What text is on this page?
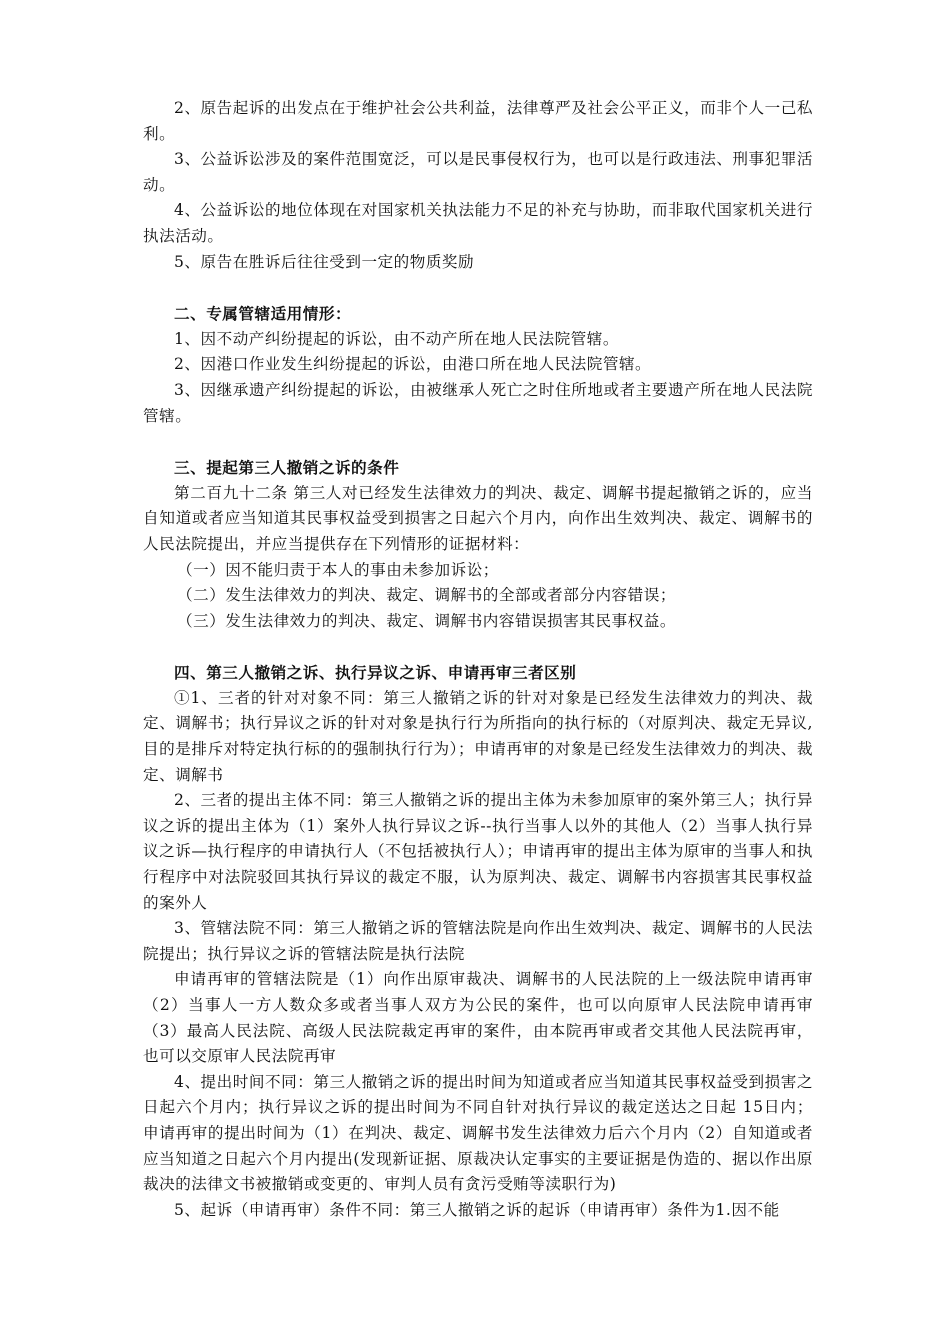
2、原告起诉的出发点在于维护社会公共利益，法律尊严及社会公平正义，而非个人一己私利。

3、公益诉讼涉及的案件范围宽泛，可以是民事侵权行为，也可以是行政违法、刑事犯罪活动。

4、公益诉讼的地位体现在对国家机关执法能力不足的补充与协助，而非取代国家机关进行执法活动。

5、原告在胜诉后往往受到一定的物质奖励

二、专属管辖适用情形：

1、因不动产纠纷提起的诉讼，由不动产所在地人民法院管辖。

2、因港口作业发生纠纷提起的诉讼，由港口所在地人民法院管辖。

3、因继承遗产纠纷提起的诉讼，由被继承人死亡之时住所地或者主要遗产所在地人民法院管辖。

三、提起第三人撤销之诉的条件

第二百九十二条 第三人对已经发生法律效力的判决、裁定、调解书提起撤销之诉的，应当自知道或者应当知道其民事权益受到损害之日起六个月内，向作出生效判决、裁定、调解书的人民法院提出，并应当提供存在下列情形的证据材料：

（一）因不能归责于本人的事由未参加诉讼；

（二）发生法律效力的判决、裁定、调解书的全部或者部分内容错误；

（三）发生法律效力的判决、裁定、调解书内容错误损害其民事权益。

四、第三人撤销之诉、执行异议之诉、申请再审三者区别

①1、三者的针对对象不同：第三人撤销之诉的针对对象是已经发生法律效力的判决、裁定、调解书；执行异议之诉的针对对象是执行行为所指向的执行标的（对原判决、裁定无异议,目的是排斥对特定执行标的的强制执行行为）；申请再审的对象是已经发生法律效力的判决、裁定、调解书

2、三者的提出主体不同：第三人撤销之诉的提出主体为未参加原审的案外第三人；执行异议之诉的提出主体为（1）案外人执行异议之诉--执行当事人以外的其他人（2）当事人执行异议之诉—执行程序的申请执行人（不包括被执行人）；申请再审的提出主体为原审的当事人和执行程序中对法院驳回其执行异议的裁定不服，认为原判决、裁定、调解书内容损害其民事权益的案外人

3、管辖法院不同：第三人撤销之诉的管辖法院是向作出生效判决、裁定、调解书的人民法院提出；执行异议之诉的管辖法院是执行法院

申请再审的管辖法院是（1）向作出原审裁决、调解书的人民法院的上一级法院申请再审（2）当事人一方人数众多或者当事人双方为公民的案件，也可以向原审人民法院申请再审（3）最高人民法院、高级人民法院裁定再审的案件，由本院再审或者交其他人民法院再审，也可以交原审人民法院再审

4、提出时间不同：第三人撤销之诉的提出时间为知道或者应当知道其民事权益受到损害之日起六个月内；执行异议之诉的提出时间为不同自针对执行异议的裁定送达之日起 15日内；申请再审的提出时间为（1）在判决、裁定、调解书发生法律效力后六个月内（2）自知道或者应当知道之日起六个月内提出(发现新证据、原裁决认定事实的主要证据是伪造的、据以作出原裁决的法律文书被撤销或变更的、审判人员有贪污受贿等渎职行为)

5、起诉（申请再审）条件不同：第三人撤销之诉的起诉（申请再审）条件为1.因不能
